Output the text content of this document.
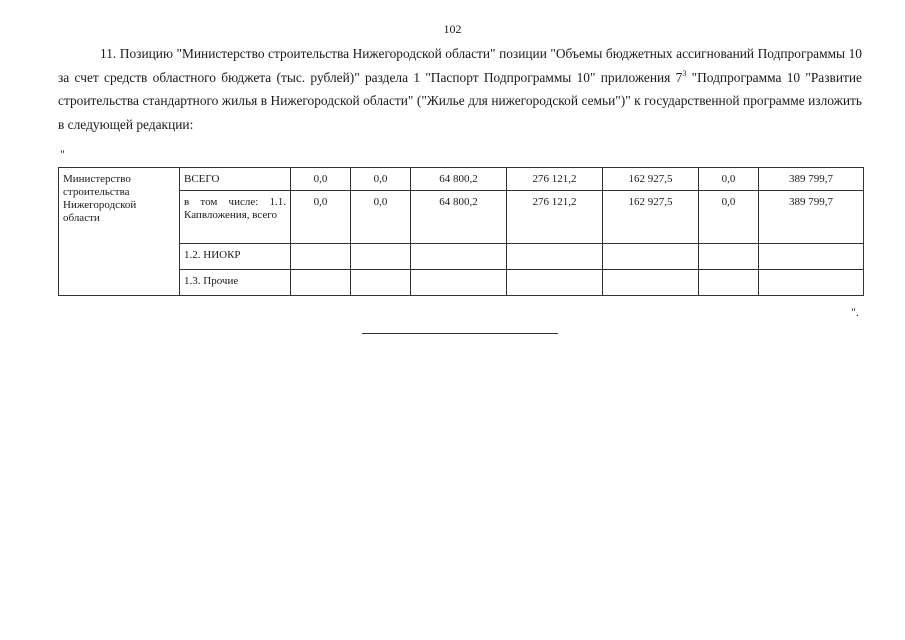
102

11. Позицию "Министерство строительства Нижегородской области" позиции "Объемы бюджетных ассигнований Подпрограммы 10 за счет средств областного бюджета (тыс. рублей)" раздела 1 "Паспорт Подпрограммы 10" приложения $7^3$ "Подпрограмма 10 "Развитие строительства стандартного жилья в Нижегородской области" ("Жилье для нижегородской семьи")" к государственной программе изложить в следующей редакции:

"
Министерство строительства Нижегородской области	ВСЕГО	0,0	0,0	64 800,2	276 121,2	162 927,5	0,0	389 799,7
	в том числе: 1.1. Капвложения, всего	0,0	0,0	64 800,2	276 121,2	162 927,5	0,0	389 799,7
	1.2. НИОКР							
	1.3. Прочие							
".
